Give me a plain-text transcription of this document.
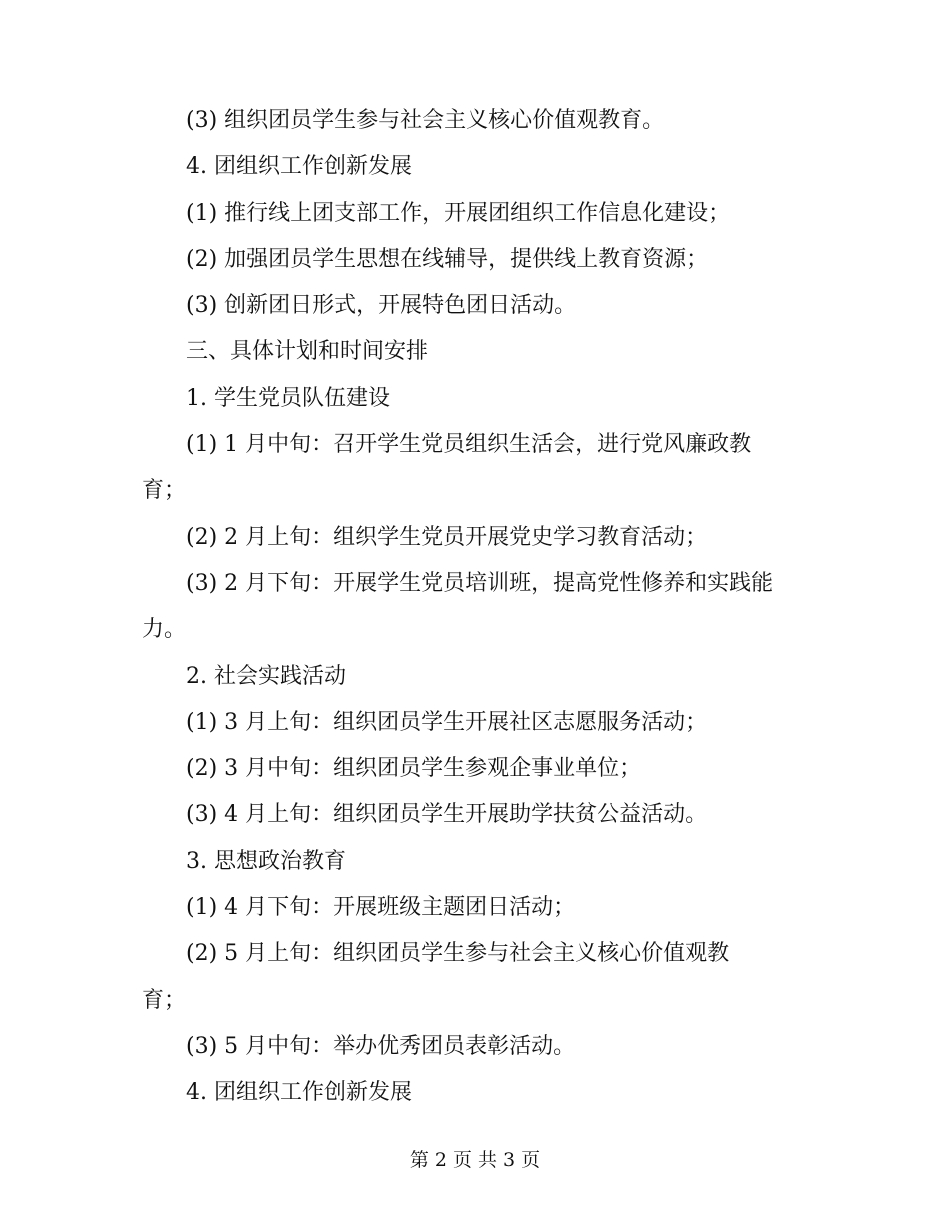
(3) 组织团员学生参与社会主义核心价值观教育。

4. 团组织工作创新发展

(1) 推行线上团支部工作，开展团组织工作信息化建设；

(2) 加强团员学生思想在线辅导，提供线上教育资源；

(3) 创新团日形式，开展特色团日活动。

三、具体计划和时间安排

1. 学生党员队伍建设

(1) 1 月中旬：召开学生党员组织生活会，进行党风廉政教

育；

(2) 2 月上旬：组织学生党员开展党史学习教育活动；

(3) 2 月下旬：开展学生党员培训班，提高党性修养和实践能

力。

2. 社会实践活动

(1) 3 月上旬：组织团员学生开展社区志愿服务活动；

(2) 3 月中旬：组织团员学生参观企事业单位；

(3) 4 月上旬：组织团员学生开展助学扶贫公益活动。

3. 思想政治教育

(1) 4 月下旬：开展班级主题团日活动；

(2) 5 月上旬：组织团员学生参与社会主义核心价值观教

育；

(3) 5 月中旬：举办优秀团员表彰活动。

4. 团组织工作创新发展

第 2 页 共 3 页
